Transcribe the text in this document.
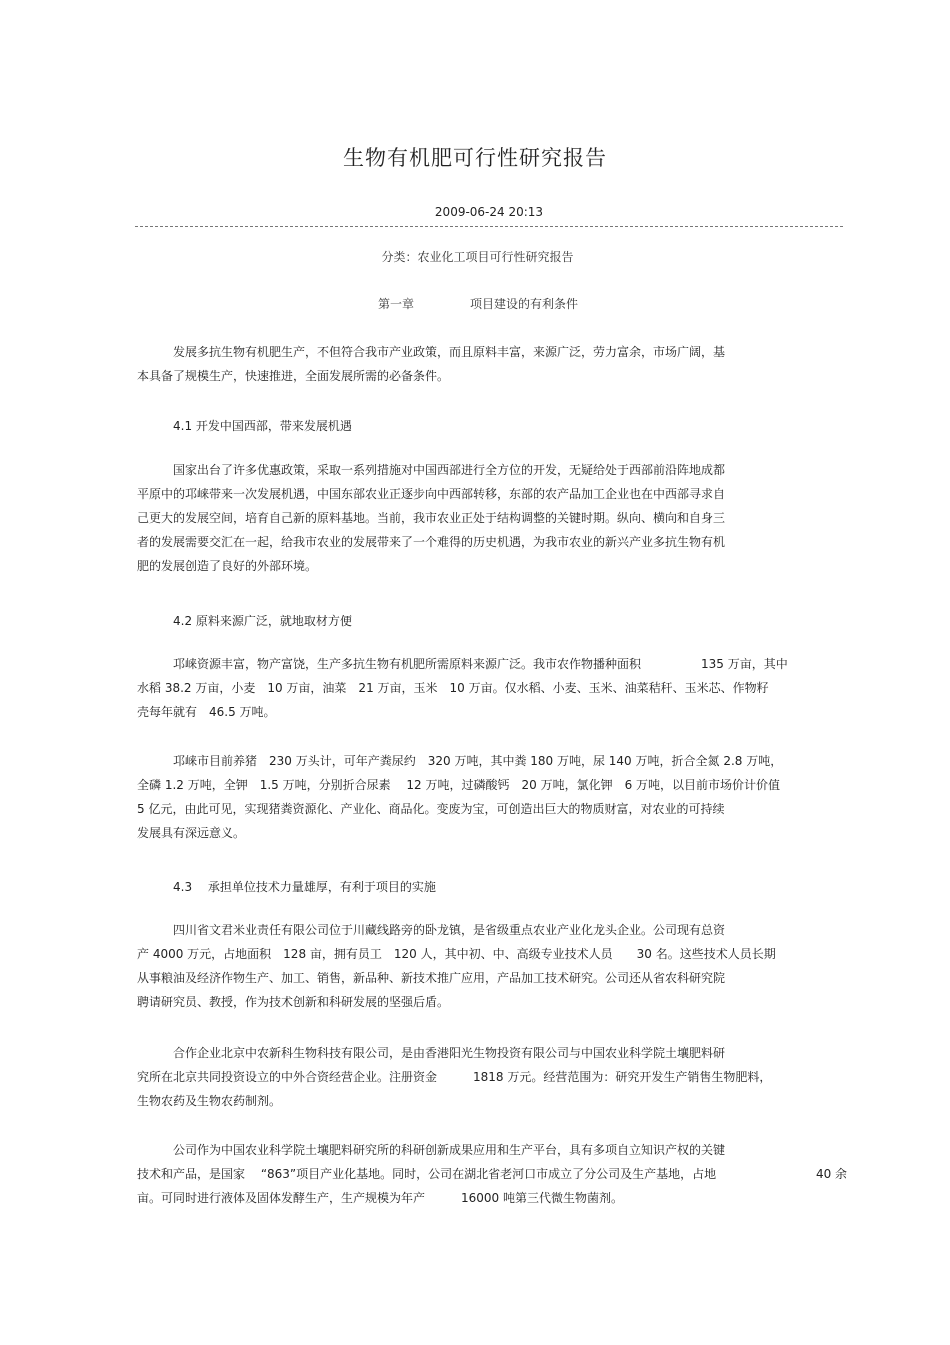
生物有机肥可行性研究报告
2009-06-24 20:13
分类：农业化工项目可行性研究报告
第一章	项目建设的有利条件
　　　发展多抗生物有机肥生产，不但符合我市产业政策，而且原料丰富，来源广泛，劳力富余，市场广阔，基
本具备了规模生产，快速推进，全面发展所需的必备条件。
4.1 开发中国西部，带来发展机遇
　　　国家出台了许多优惠政策，采取一系列措施对中国西部进行全方位的开发，无疑给处于西部前沿阵地成都
平原中的邛崃带来一次发展机遇，中国东部农业正逐步向中西部转移，东部的农产品加工企业也在中西部寻求自
己更大的发展空间，培育自己新的原料基地。当前，我市农业正处于结构调整的关键时期。纵向、横向和自身三
者的发展需要交汇在一起，给我市农业的发展带来了一个难得的历史机遇，为我市农业的新兴产业多抗生物有机
肥的发展创造了良好的外部环境。
4.2 原料来源广泛，就地取材方便
　　　邛崃资源丰富，物产富饶，生产多抗生物有机肥所需原料来源广泛。我市农作物播种面积　　　　　135 万亩，其中
水稻 38.2 万亩，小麦　10 万亩，油菜　21 万亩，玉米　10 万亩。仅水稻、小麦、玉米、油菜秸秆、玉米芯、作物籽
壳每年就有　46.5 万吨。
　　　邛崃市目前养猪　230 万头计，可年产粪尿约　320 万吨，其中粪 180 万吨，尿 140 万吨，折合全氮 2.8 万吨，
全磷 1.2 万吨，全钾　1.5 万吨，分别折合尿素　 12 万吨，过磷酸钙　20 万吨，氯化钾　6 万吨，以目前市场价计价值
5 亿元，由此可见，实现猪粪资源化、产业化、商品化。变废为宝，可创造出巨大的物质财富，对农业的可持续
发展具有深远意义。
4.3　 承担单位技术力量雄厚，有利于项目的实施
　　　四川省文君米业责任有限公司位于川藏线路旁的卧龙镇，是省级重点农业产业化龙头企业。公司现有总资
产 4000 万元，占地面积　128 亩，拥有员工　120 人，其中初、中、高级专业技术人员　　30 名。这些技术人员长期
从事粮油及经济作物生产、加工、销售，新品种、新技术推广应用，产品加工技术研究。公司还从省农科研究院
聘请研究员、教授，作为技术创新和科研发展的坚强后盾。
　　　合作企业北京中农新科生物科技有限公司，是由香港阳光生物投资有限公司与中国农业科学院土壤肥料研
究所在北京共同投资设立的中外合资经营企业。注册资金　　　1818 万元。经营范围为：研究开发生产销售生物肥料，
生物农药及生物农药制剂。
　　　公司作为中国农业科学院土壤肥料研究所的科研创新成果应用和生产平台，具有多项自立知识产权的关键
技术和产品，是国家　 “863”项目产业化基地。同时，公司在湖北省老河口市成立了分公司及生产基地，占地　　　　　　　　 40 余
亩。可同时进行液体及固体发酵生产，生产规模为年产　　　16000 吨第三代微生物菌剂。
